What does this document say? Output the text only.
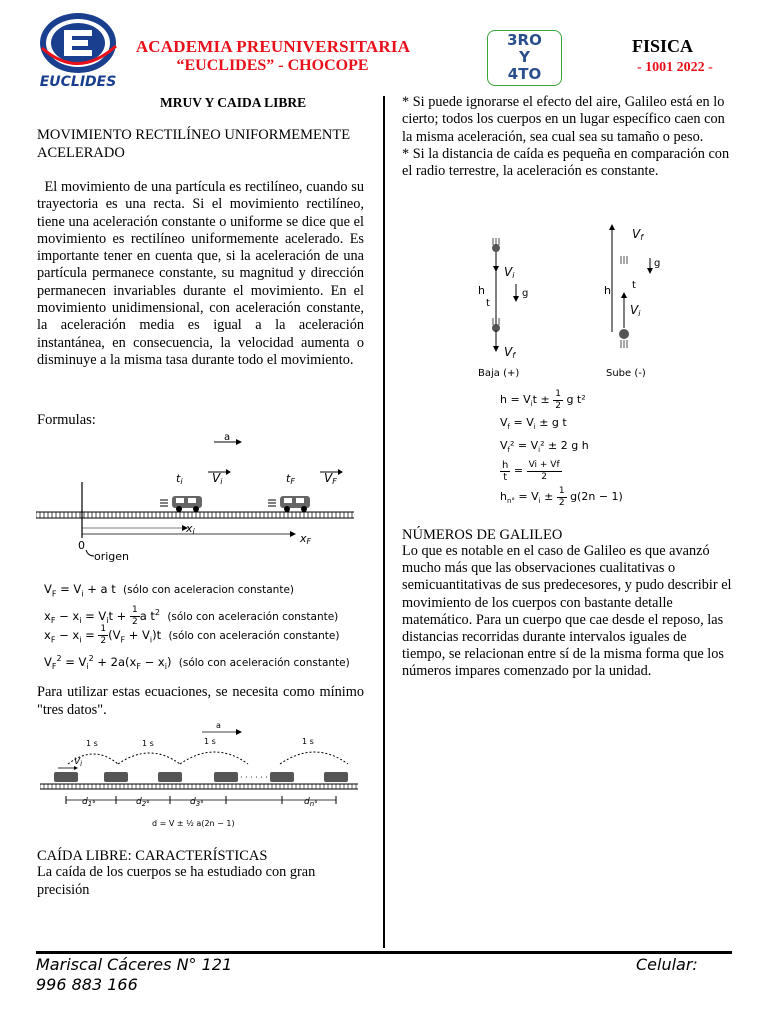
EUCLIDES
ACADEMIA PREUNIVERSITARIA
“EUCLIDES” - CHOCOPE
3RO
Y
4TO
FISICA
- 1001 2022 -
MRUV Y CAIDA LIBRE
MOVIMIENTO RECTILÍNEO UNIFORMEMENTE ACELERADO
El movimiento de una partícula es rectilíneo, cuando su trayectoria es una recta. Si el movimiento rectilíneo, tiene una aceleración constante o uniforme se dice que el movimiento es rectilíneo uniformemente acelerado. Es importante tener en cuenta que, si la aceleración de una partícula permanece constante, su magnitud y dirección permanecen invariables durante el movimiento. En el movimiento unidimensional, con aceleración constante, la aceleración media es igual a la aceleración instantánea, en consecuencia, la velocidad aumenta o disminuye a la misma tasa durante todo el movimiento.
Formulas:
a
ti Vi	tF VF
xi
xF
0
origen
$V_F = V_i + a$ t  (sólo con aceleracion constante)
$x_F - x_i = V_it + \frac{1}{2}$ a $t^2$ (sólo con aceleración constante)
$x_F - x_i = \frac{1}{2} (V_F + V_i)t$  (sólo con aceleración constante)
$V_F^2 = V_i^2 + 2a(x_F - x_i)$  (sólo con aceleración constante)
Para utilizar estas ecuaciones, se necesita como mínimo "tres datos".
a
1 s	1 s	1 s	1 s
$V_i$
· · · · · ·
$d_{1^\circ}$	$d_{2^\circ}$	$d_{3^\circ}$	$d_{n^\circ}$
d = V ± ½ a(2n − 1)
CAÍDA LIBRE: CARACTERÍSTICAS
La caída de los cuerpos se ha estudiado con gran precisión
* Si puede ignorarse el efecto del aire, Galileo está en lo cierto; todos los cuerpos en un lugar específico caen con la misma aceleración, sea cual sea su tamaño o peso.
* Si la distancia de caída es pequeña en comparación con el radio terrestre, la aceleración es constante.
Vi
Vf
h
t
g
Vf
Vi
h t
g
Baja (+)	Sube (-)
$h = V_it \pm \frac{1}{2}$ g t²
$V_f = V_i \pm g$ t
$V_f^2 = V_i^2 \pm 2$ g h
$\frac{h}{t} = \frac{Vi + Vf}{2}$
$h_{n^\circ} = V_i \pm \frac{1}{2} g(2n - 1)$
NÚMEROS DE GALILEO
Lo que es notable en el caso de Galileo es que avanzó mucho más que las observaciones cualitativas o semicuantitativas de sus predecesores, y pudo describir el movimiento de los cuerpos con bastante detalle matemático. Para un cuerpo que cae desde el reposo, las distancias recorridas durante intervalos iguales de tiempo, se relacionan entre sí de la misma forma que los números impares comenzado por la unidad.
Mariscal Cáceres N° 121
996 883 166
Celular:
